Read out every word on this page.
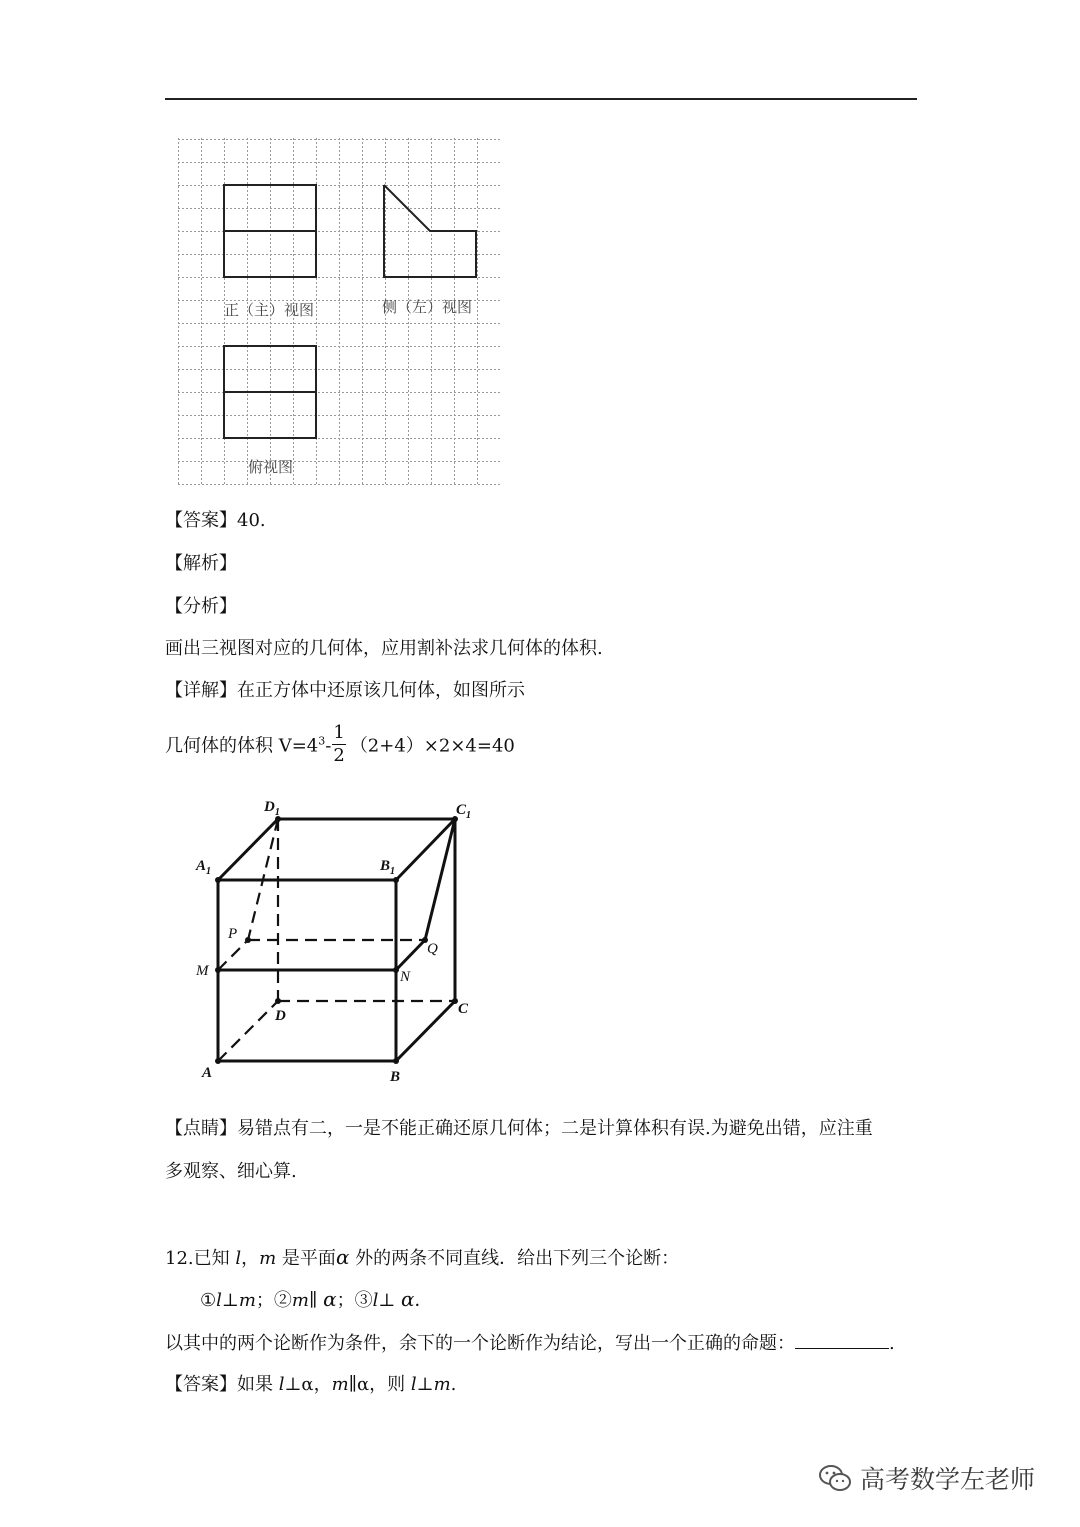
正（主）视图	侧（左）视图
俯视图
【答案】40.
【解析】
【分析】
画出三视图对应的几何体，应用割补法求几何体的体积.
【详解】在正方体中还原该几何体，如图所示
几何体的体积 $V=4^3- \frac{1}{2} (2+4)\times 2\times 4=40$
$D_1$	$C_1$
$A_1$	$B_1$
P
Q
M	N
D	C
A	B
【点睛】易错点有二，一是不能正确还原几何体；二是计算体积有误.为避免出错，应注重
多观察、细心算.
12.已知 l，m 是平面α 外的两条不同直线．给出下列三个论断：
①l⊥m；②m∥ α；③l⊥ α．
以其中的两个论断作为条件，余下的一个论断作为结论，写出一个正确的命题：	.
【答案】如果 l⊥α，m∥α，则 l⊥m.
高考数学左老师
